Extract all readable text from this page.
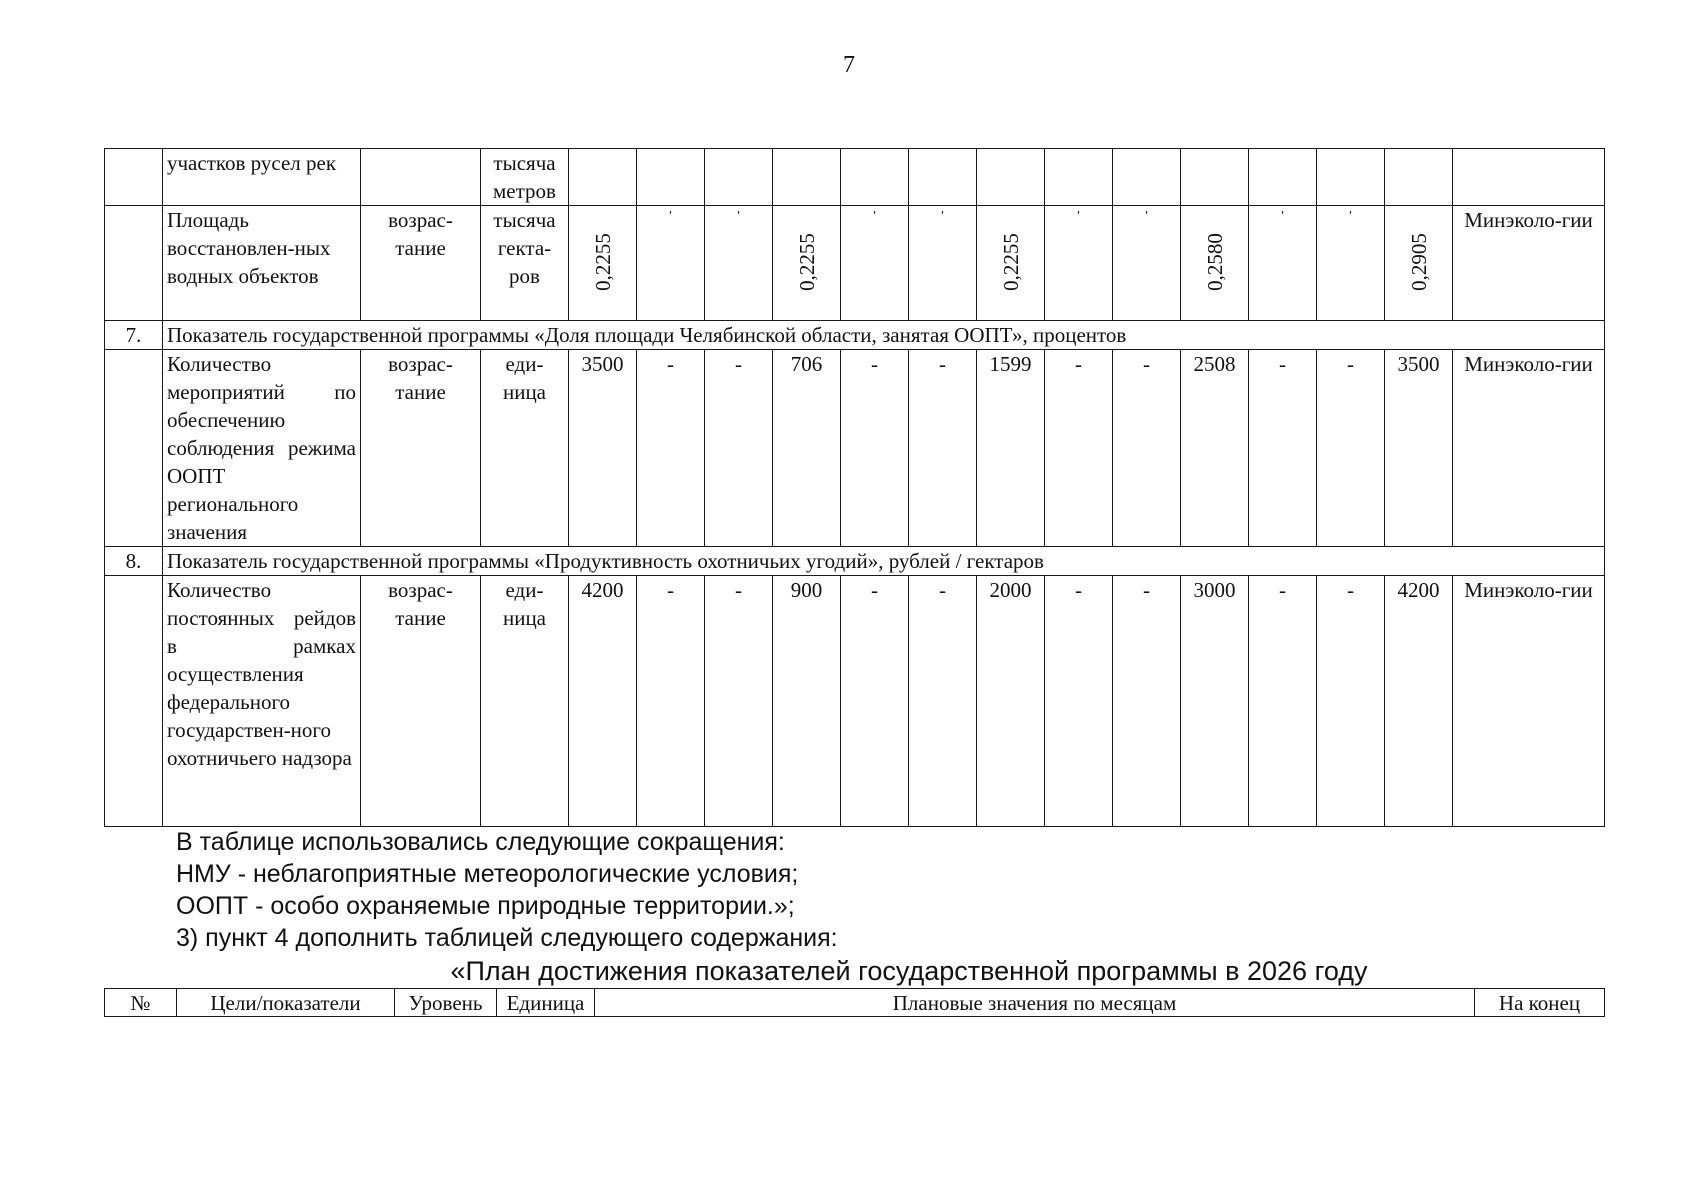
7
	участков русел рек		тысяча метров														
	Площадь восстановлен-ных водных объектов	возрас-тание	тысяча гекта-ров	0,2255	'	'	0,2255	'	'	0,2255	'	'	0,2580	'	'	0,2905	Минэколо-гии
7.	Показатель государственной программы «Доля площади Челябинской области, занятая ООПТ», процентов																
	Количество мероприятий по обеспечению соблюдения режима ООПТ регионального значения	возрас-тание	еди-ница	3500	-	-	706	-	-	1599	-	-	2508	-	-	3500	Минэколо-гии
8.	Показатель государственной программы «Продуктивность охотничьих угодий», рублей / гектаров																
	Количество постоянных рейдов в рамках осуществления федерального государствен-ного охотничьего надзора	возрас-тание	еди-ница	4200	-	-	900	-	-	2000	-	-	3000	-	-	4200	Минэколо-гии
В таблице использовались следующие сокращения:
НМУ - неблагоприятные метеорологические условия;
ООПТ - особо охраняемые природные территории.»;
3) пункт 4 дополнить таблицей следующего содержания:
«План достижения показателей государственной программы в 2026 году
№	Цели/показатели	Уровень	Единица	Плановые значения по месяцам	На конец
